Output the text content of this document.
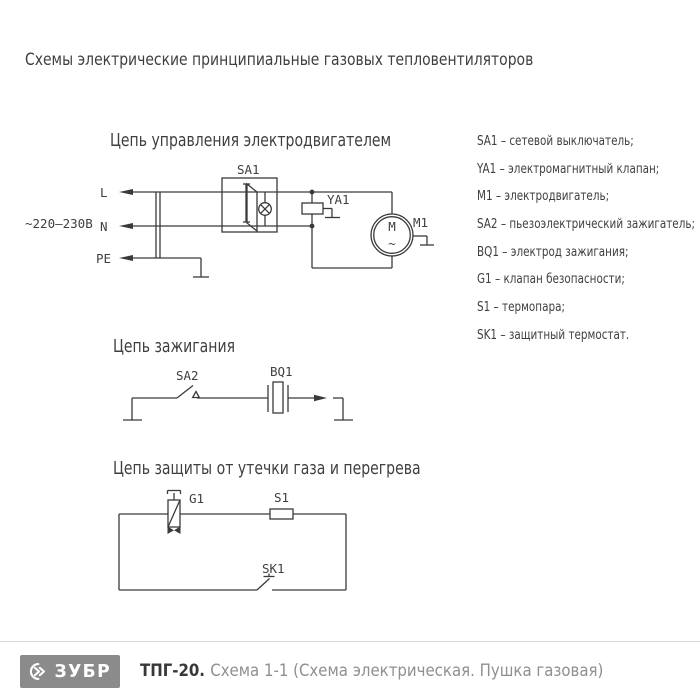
Схемы электрические принципиальные газовых тепловентиляторов
Цепь управления электродвигателем
Цепь зажигания
Цепь защиты от утечки газа и перегрева
~220–230В
L
N
PE
SA1
YA1
M1
M
~
SA2	BQ1
G1	S1
SK1
SA1 – сетевой выключатель;
YA1 – электромагнитный клапан;
M1 – электродвигатель;
SA2 – пьезоэлектрический зажигатель;
BQ1 – электрод зажигания;
G1 – клапан безопасности;
S1 – термопара;
SK1 – защитный термостат.
ЗУБР ТПГ-20. Схема 1-1 (Схема электрическая. Пушка газовая)
